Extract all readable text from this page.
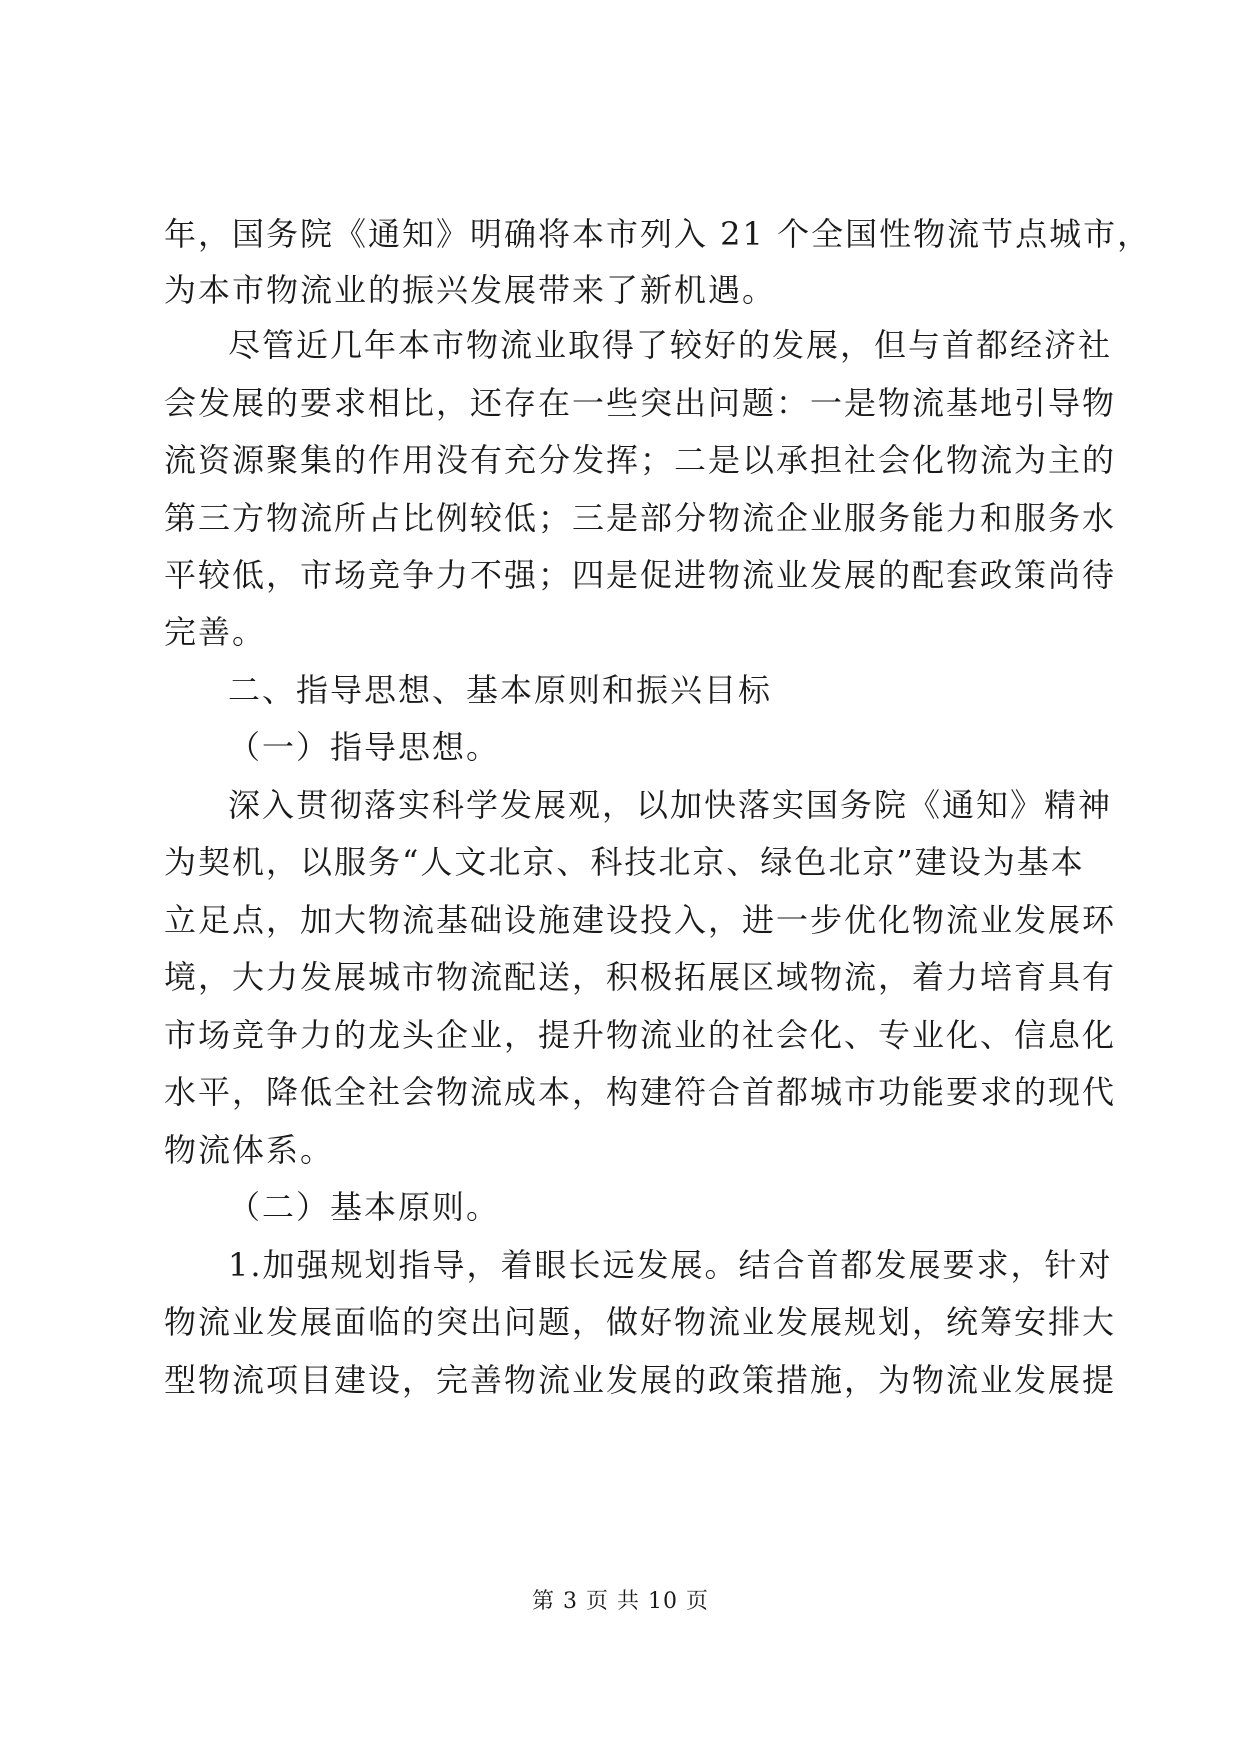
年，国务院《通知》明确将本市列入 21 个全国性物流节点城市，
为本市物流业的振兴发展带来了新机遇。
尽管近几年本市物流业取得了较好的发展，但与首都经济社
会发展的要求相比，还存在一些突出问题：一是物流基地引导物
流资源聚集的作用没有充分发挥；二是以承担社会化物流为主的
第三方物流所占比例较低；三是部分物流企业服务能力和服务水
平较低，市场竞争力不强；四是促进物流业发展的配套政策尚待
完善。
二、指导思想、基本原则和振兴目标
（一）指导思想。
深入贯彻落实科学发展观，以加快落实国务院《通知》精神
为契机，以服务“人文北京、科技北京、绿色北京”建设为基本
立足点，加大物流基础设施建设投入，进一步优化物流业发展环
境，大力发展城市物流配送，积极拓展区域物流，着力培育具有
市场竞争力的龙头企业，提升物流业的社会化、专业化、信息化
水平，降低全社会物流成本，构建符合首都城市功能要求的现代
物流体系。
（二）基本原则。
1.加强规划指导，着眼长远发展。结合首都发展要求，针对
物流业发展面临的突出问题，做好物流业发展规划，统筹安排大
型物流项目建设，完善物流业发展的政策措施，为物流业发展提
第 3 页 共 10 页
